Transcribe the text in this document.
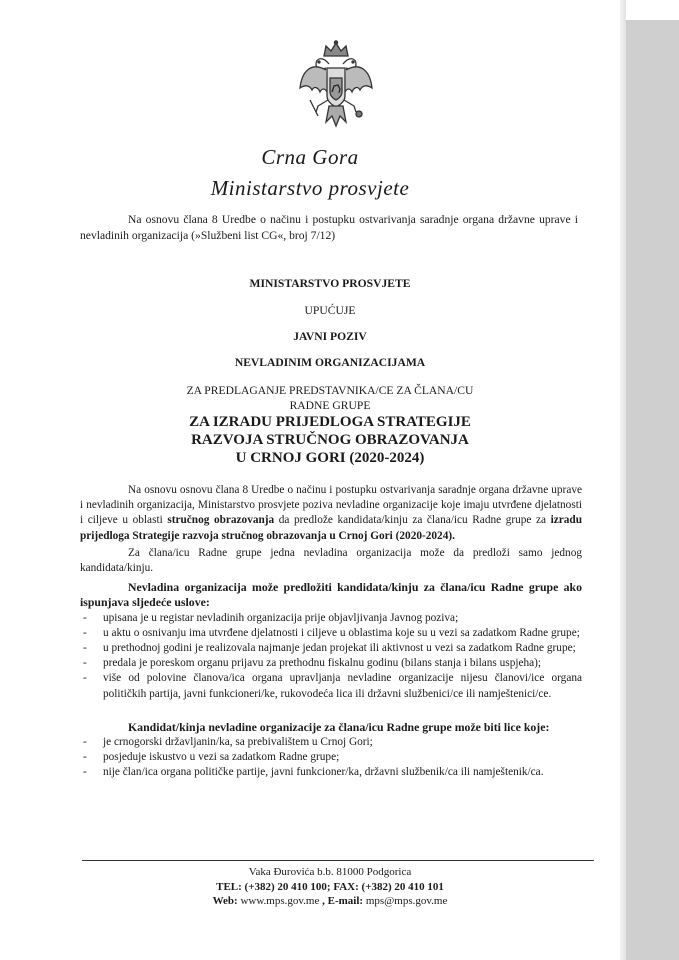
Crna Gora
Ministarstvo prosvjete
Na osnovu člana 8 Uredbe o načinu i postupku ostvarivanja saradnje organa državne uprave i nevladinih organizacija (»Službeni list CG«, broj 7/12)
MINISTARSTVO PROSVJETE
UPUĆUJE
JAVNI POZIV
NEVLADINIM ORGANIZACIJAMA
ZA PREDLAGANJE PREDSTAVNIKA/CE ZA ČLANA/CU
RADNE GRUPE
ZA IZRADU PRIJEDLOGA STRATEGIJE
RAZVOJA STRUČNOG OBRAZOVANJA
U CRNOJ GORI (2020-2024)

Na osnovu osnovu člana 8 Uredbe o načinu i postupku ostvarivanja saradnje organa državne uprave i nevladinih organizacija, Ministarstvo prosvjete poziva nevladine organizacije koje imaju utvrđene djelatnosti i ciljeve u oblasti stručnog obrazovanja da predlože kandidata/kinju za člana/icu Radne grupe za izradu prijedloga Strategije razvoja stručnog obrazovanja u Crnoj Gori (2020-2024).

Za člana/icu Radne grupe jedna nevladina organizacija može da predloži samo jednog kandidata/kinju.

Nevladina organizacija može predložiti kandidata/kinju za člana/icu Radne grupe ako ispunjava sljedeće uslove:

- upisana je u registar nevladinih organizacija prije objavljivanja Javnog poziva;
- u aktu o osnivanju ima utvrđene djelatnosti i ciljeve u oblastima koje su u vezi sa zadatkom Radne grupe;
- u prethodnoj godini je realizovala najmanje jedan projekat ili aktivnost u vezi sa zadatkom Radne grupe;
- predala je poreskom organu prijavu za prethodnu fiskalnu godinu (bilans stanja i bilans uspjeha);
- više od polovine članova/ica organa upravljanja nevladine organizacije nijesu članovi/ice organa političkih partija, javni funkcioneri/ke, rukovodeća lica ili državni službenici/ce ili namještenici/ce.

Kandidat/kinja nevladine organizacije za člana/icu Radne grupe može biti lice koje:

- je crnogorski državljanin/ka, sa prebivalištem u Crnoj Gori;
- posjeduje iskustvo u vezi sa zadatkom Radne grupe;
- nije član/ica organa političke partije, javni funkcioner/ka, državni službenik/ca ili namještenik/ca.
Vaka Đurovića b.b. 81000 Podgorica
TEL: (+382) 20 410 100; FAX: (+382) 20 410 101
Web: www.mps.gov.me , E-mail: mps@mps.gov.me
